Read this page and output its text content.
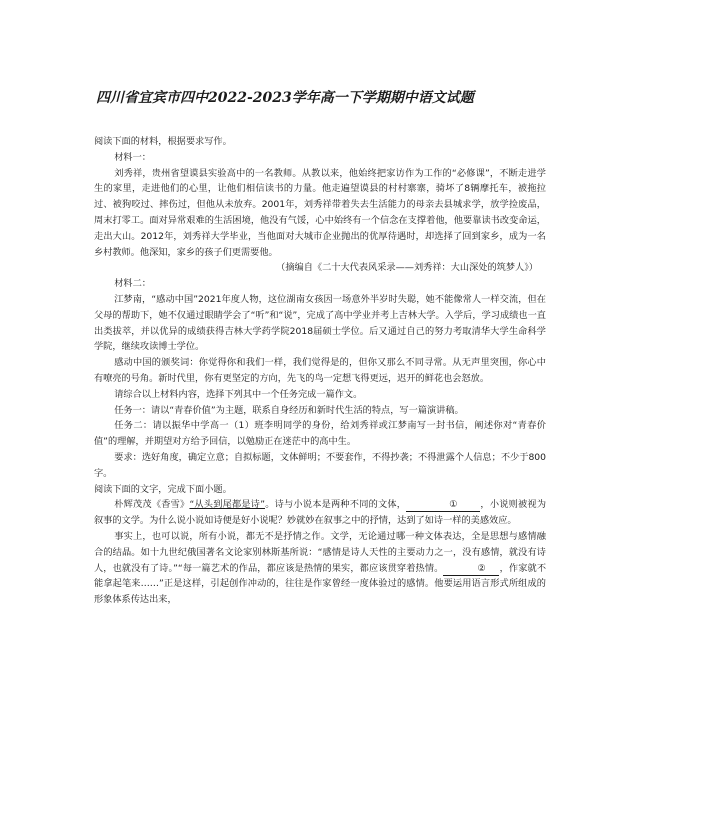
四川省宜宾市四中2022-2023学年高一下学期期中语文试题

阅读下面的材料，根据要求写作。

材料一：

刘秀祥，贵州省望谟县实验高中的一名教师。从教以来，他始终把家访作为工作的“必修课”，不断走进学生的家里，走进他们的心里，让他们相信读书的力量。他走遍望谟县的村村寨寨，骑坏了8辆摩托车，被拖拉过、被狗咬过、摔伤过，但他从未放弃。2001年，刘秀祥带着失去生活能力的母亲去县城求学，放学捡废品，周末打零工。面对异常艰难的生活困境，他没有气馁，心中始终有一个信念在支撑着他，他要靠读书改变命运，走出大山。2012年，刘秀祥大学毕业，当他面对大城市企业抛出的优厚待遇时，却选择了回到家乡，成为一名乡村教师。他深知，家乡的孩子们更需要他。

（摘编自《二十大代表风采录——刘秀祥：大山深处的筑梦人》）

材料二：

江梦南，“感动中国”2021年度人物，这位湖南女孩因一场意外半岁时失聪，她不能像常人一样交流，但在父母的帮助下，她不仅通过眼睛学会了“听”和“说”，完成了高中学业并考上吉林大学。入学后，学习成绩也一直出类拔萃，并以优异的成绩获得吉林大学药学院2018届硕士学位。后又通过自己的努力考取清华大学生命科学学院，继续攻读博士学位。

感动中国的颁奖词：你觉得你和我们一样，我们觉得是的，但你又那么不同寻常。从无声里突围，你心中有嘹亮的号角。新时代里，你有更坚定的方向，先飞的鸟一定想飞得更远，迟开的鲜花也会怒放。

请综合以上材料内容，选择下列其中一个任务完成一篇作文。

任务一：请以“青春价值”为主题，联系自身经历和新时代生活的特点，写一篇演讲稿。

任务二：请以振华中学高一（1）班李明同学的身份，给刘秀祥或江梦南写一封书信，阐述你对“青春价值”的理解，并期望对方给予回信，以勉励正在迷茫中的高中生。

要求：选好角度，确定立意；自拟标题，文体鲜明；不要套作，不得抄袭；不得泄露个人信息；不少于800字。

阅读下面的文字，完成下面小题。

朴辉茂茂《香雪》“从头到尾都是诗”。诗与小说本是两种不同的文体，	① ，小说则被视为叙事的文学。为什么说小说如诗便是好小说呢？妙就妙在叙事之中的抒情，达到了如诗一样的美感效应。

事实上，也可以说，所有小说，都无不是抒情之作。文学，无论通过哪一种文体表达，全是思想与感情融合的结晶。如十九世纪俄国著名文论家别林斯基所说：“感情是诗人天性的主要动力之一，没有感情，就没有诗人，也就没有了诗。”“每一篇艺术的作品，都应该是热情的果实，都应该贯穿着热情。	② ，作家就不能拿起笔来……”正是这样，引起创作冲动的，往往是作家曾经一度体验过的感情。他要运用语言形式所组成的形象体系传达出来，
